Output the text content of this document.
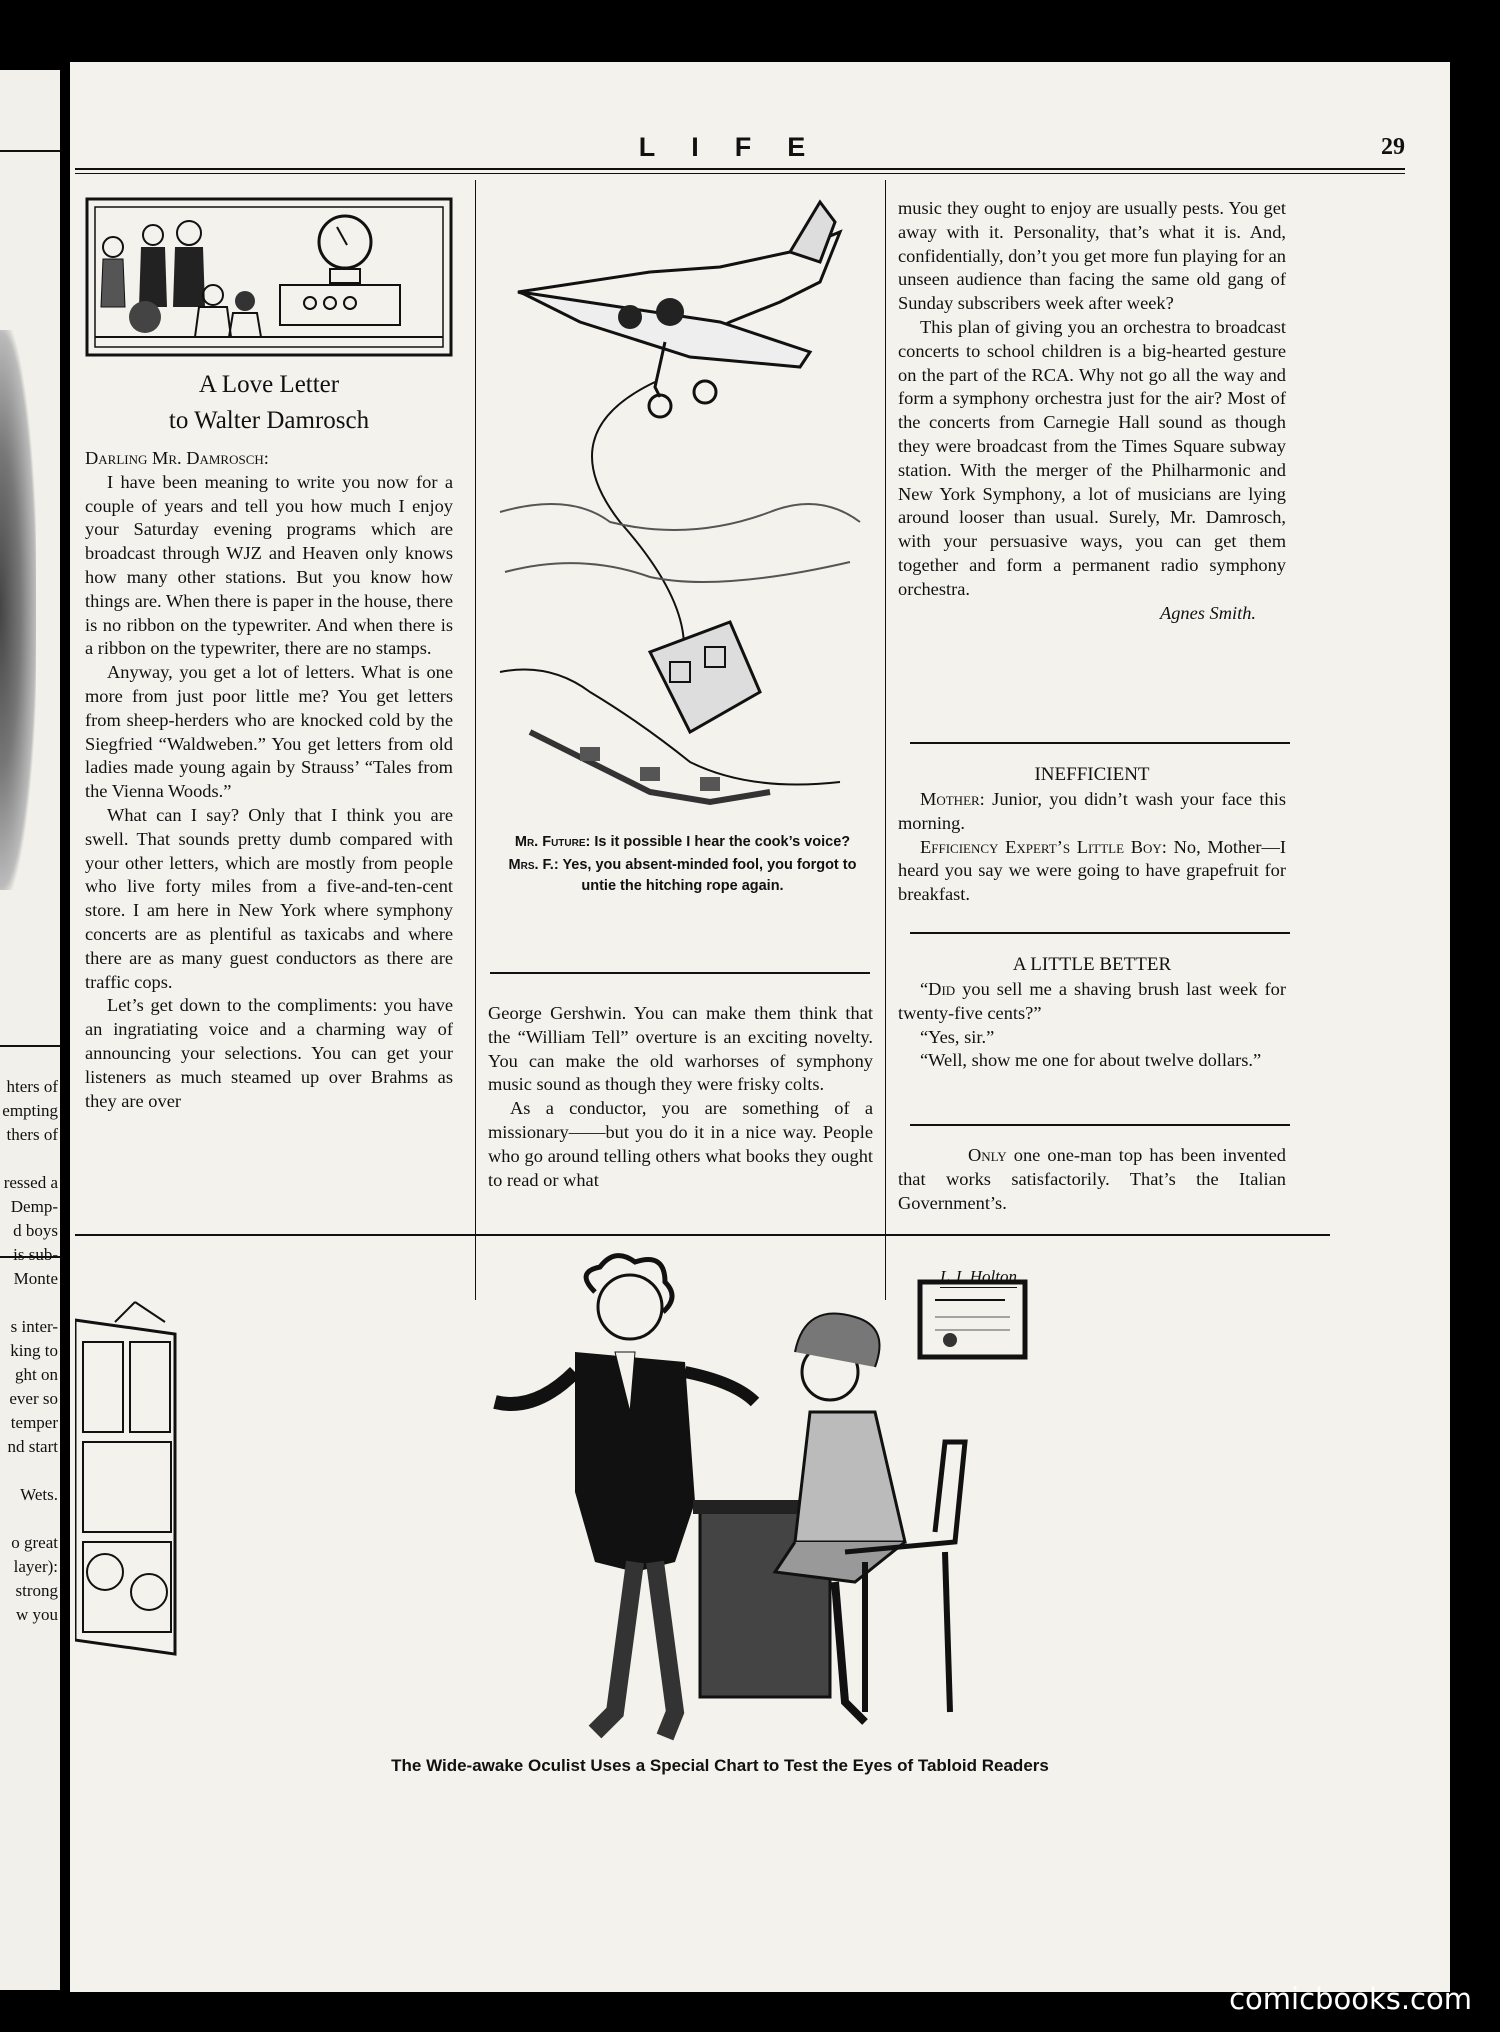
hters of
empting
thers of
ressed a
Demp-
d boys
is sub-
Monte
s inter-
king to
ght on
ever so
temper
nd start
Wets.
o great
layer):
strong
w you
LIFE	29

A Love Letter

to Walter Damrosch

Darling Mr. Damrosch:

I have been meaning to write you now for a couple of years and tell you how much I enjoy your Saturday evening programs which are broadcast through WJZ and Heaven only knows how many other stations. But you know how things are. When there is paper in the house, there is no ribbon on the typewriter. And when there is a ribbon on the typewriter, there are no stamps.

Anyway, you get a lot of letters. What is one more from just poor little me? You get letters from sheep-herders who are knocked cold by the Siegfried “Waldweben.” You get letters from old ladies made young again by Strauss’ “Tales from the Vienna Woods.”

What can I say? Only that I think you are swell. That sounds pretty dumb compared with your other letters, which are mostly from people who live forty miles from a five-and-ten-cent store. I am here in New York where symphony concerts are as plentiful as taxicabs and where there are as many guest conductors as there are traffic cops.

Let’s get down to the compliments: you have an ingratiating voice and a charming way of announcing your selections. You can get your listeners as much steamed up over Brahms as they are over

Mr. Future: Is it possible I hear the cook’s voice?
Mrs. F.: Yes, you absent-minded fool, you forgot to untie the hitching rope again.

George Gershwin. You can make them think that the “William Tell” overture is an exciting novelty. You can make the old warhorses of symphony music sound as though they were frisky colts.

As a conductor, you are something of a missionary——but you do it in a nice way. People who go around telling others what books they ought to read or what

music they ought to enjoy are usually pests. You get away with it. Personality, that’s what it is. And, confidentially, don’t you get more fun playing for an unseen audience than facing the same old gang of Sunday subscribers week after week?

This plan of giving you an orchestra to broadcast concerts to school children is a big-hearted gesture on the part of the RCA. Why not go all the way and form a symphony orchestra just for the air? Most of the concerts from Carnegie Hall sound as though they were broadcast from the Times Square subway station. With the merger of the Philharmonic and New York Symphony, a lot of musicians are lying around looser than usual. Surely, Mr. Damrosch, with your persuasive ways, you can get them together and form a permanent radio symphony orchestra.

Agnes Smith.

INEFFICIENT

Mother: Junior, you didn’t wash your face this morning.

Efficiency Expert’s Little Boy: No, Mother—I heard you say we were going to have grapefruit for breakfast.

A LITTLE BETTER

“Did you sell me a shaving brush last week for twenty-five cents?”

“Yes, sir.”

“Well, show me one for about twelve dollars.”

Only one one-man top has been invented that works satisfactorily. That’s the Italian Government’s.

L.J. Holton
The Wide-awake Oculist Uses a Special Chart to Test the Eyes of Tabloid Readers
comicbooks.com
